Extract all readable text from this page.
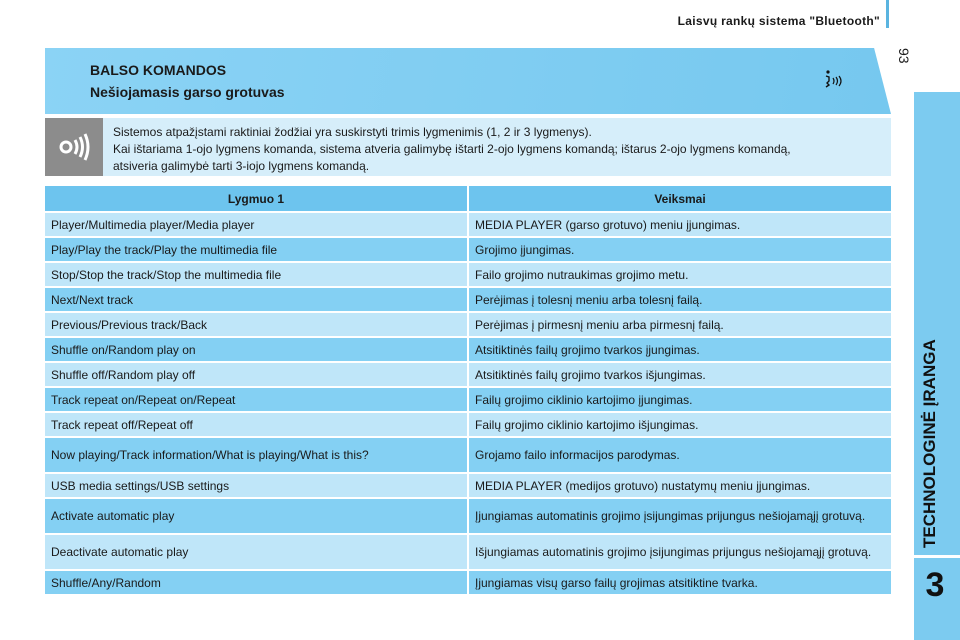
Laisvų rankų sistema "Bluetooth"
93
TECHNOLOGINĖ ĮRANGA
3
BALSO KOMANDOS
Nešiojamasis garso grotuvas
Sistemos atpažįstami raktiniai žodžiai yra suskirstyti trimis lygmenimis (1, 2 ir 3 lygmenys).
Kai ištariama 1-ojo lygmens komanda, sistema atveria galimybę ištarti 2-ojo lygmens komandą; ištarus 2-ojo lygmens komandą,
atsiveria galimybė tarti 3-iojo lygmens komandą.
Lygmuo 1	Veiksmai
Player/Multimedia player/Media player	MEDIA PLAYER (garso grotuvo) meniu įjungimas.
Play/Play the track/Play the multimedia file	Grojimo įjungimas.
Stop/Stop the track/Stop the multimedia file	Failo grojimo nutraukimas grojimo metu.
Next/Next track	Perėjimas į tolesnį meniu arba tolesnį failą.
Previous/Previous track/Back	Perėjimas į pirmesnį meniu arba pirmesnį failą.
Shuffle on/Random play on	Atsitiktinės failų grojimo tvarkos įjungimas.
Shuffle off/Random play off	Atsitiktinės failų grojimo tvarkos išjungimas.
Track repeat on/Repeat on/Repeat	Failų grojimo ciklinio kartojimo įjungimas.
Track repeat off/Repeat off	Failų grojimo ciklinio kartojimo išjungimas.
Now playing/Track information/What is playing/What is this?	Grojamo failo informacijos parodymas.
USB media settings/USB settings	MEDIA PLAYER (medijos grotuvo) nustatymų meniu įjungimas.
Activate automatic play	Įjungiamas automatinis grojimo įsijungimas prijungus nešiojamąjį grotuvą.
Deactivate automatic play	Išjungiamas automatinis grojimo įsijungimas prijungus nešiojamąjį grotuvą.
Shuffle/Any/Random	Įjungiamas visų garso failų grojimas atsitiktine tvarka.
